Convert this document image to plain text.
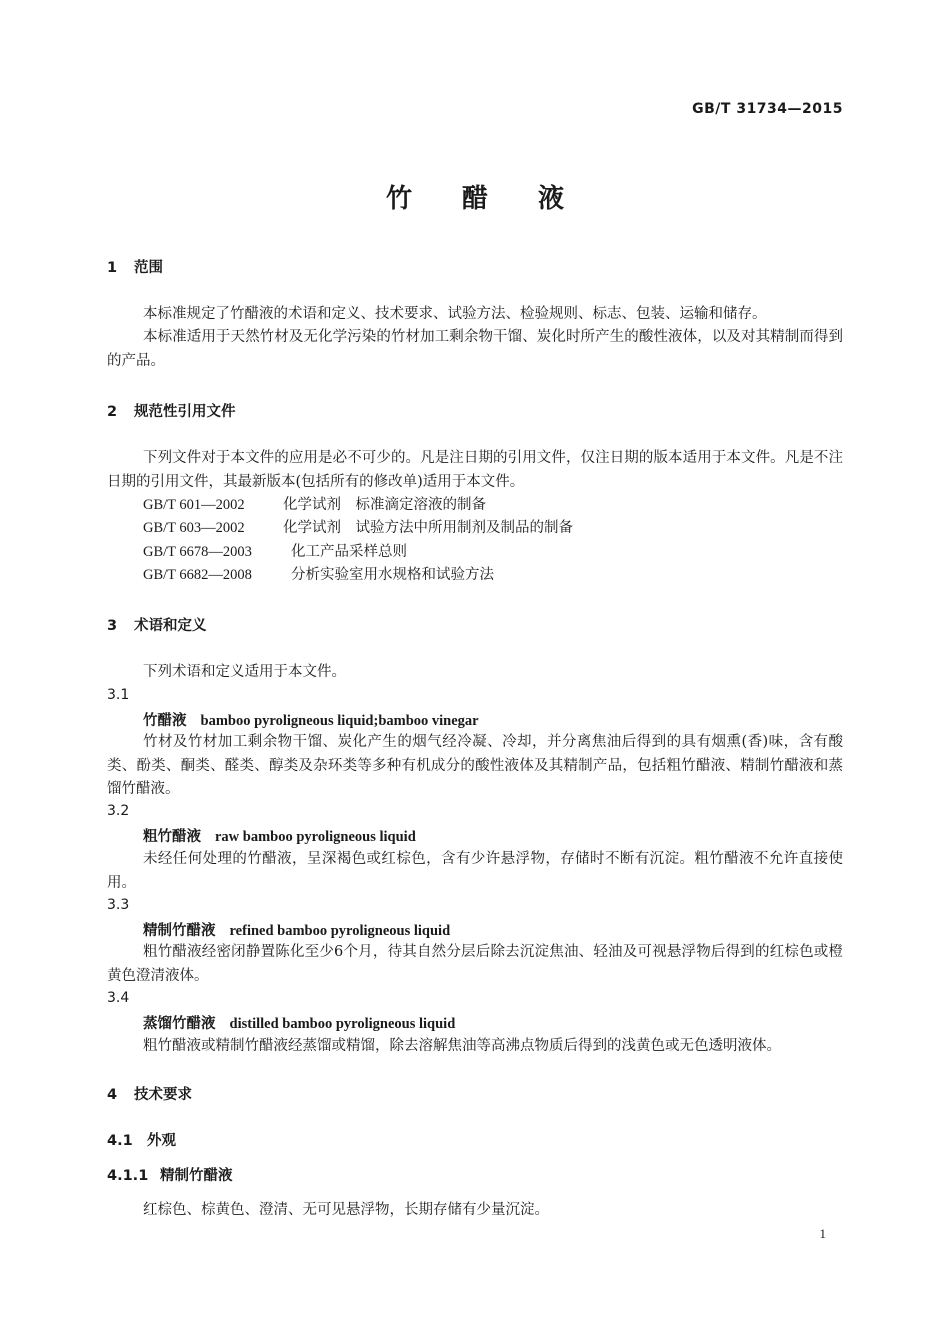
GB/T 31734—2015
竹 醋 液
1 范围
本标准规定了竹醋液的术语和定义、技术要求、试验方法、检验规则、标志、包装、运输和储存。
本标准适用于天然竹材及无化学污染的竹材加工剩余物干馏、炭化时所产生的酸性液体，以及对其精制而得到的产品。
2 规范性引用文件
下列文件对于本文件的应用是必不可少的。凡是注日期的引用文件，仅注日期的版本适用于本文件。凡是不注日期的引用文件，其最新版本(包括所有的修改单)适用于本文件。
GB/T 601—2002	化学试剂　标准滴定溶液的制备
GB/T 603—2002	化学试剂　试验方法中所用制剂及制品的制备
GB/T 6678—2003	化工产品采样总则
GB/T 6682—2008	分析实验室用水规格和试验方法
3 术语和定义
下列术语和定义适用于本文件。
3.1
竹醋液 bamboo pyroligneous liquid;bamboo vinegar
竹材及竹材加工剩余物干馏、炭化产生的烟气经冷凝、冷却，并分离焦油后得到的具有烟熏(香)味，含有酸类、酚类、酮类、醛类、醇类及杂环类等多种有机成分的酸性液体及其精制产品，包括粗竹醋液、精制竹醋液和蒸馏竹醋液。
3.2
粗竹醋液 raw bamboo pyroligneous liquid
未经任何处理的竹醋液，呈深褐色或红棕色，含有少许悬浮物，存储时不断有沉淀。粗竹醋液不允许直接使用。
3.3
精制竹醋液 refined bamboo pyroligneous liquid
粗竹醋液经密闭静置陈化至少6个月，待其自然分层后除去沉淀焦油、轻油及可视悬浮物后得到的红棕色或橙黄色澄清液体。
3.4
蒸馏竹醋液 distilled bamboo pyroligneous liquid
粗竹醋液或精制竹醋液经蒸馏或精馏，除去溶解焦油等高沸点物质后得到的浅黄色或无色透明液体。
4 技术要求
4.1 外观
4.1.1 精制竹醋液
红棕色、棕黄色、澄清、无可见悬浮物，长期存储有少量沉淀。
1
